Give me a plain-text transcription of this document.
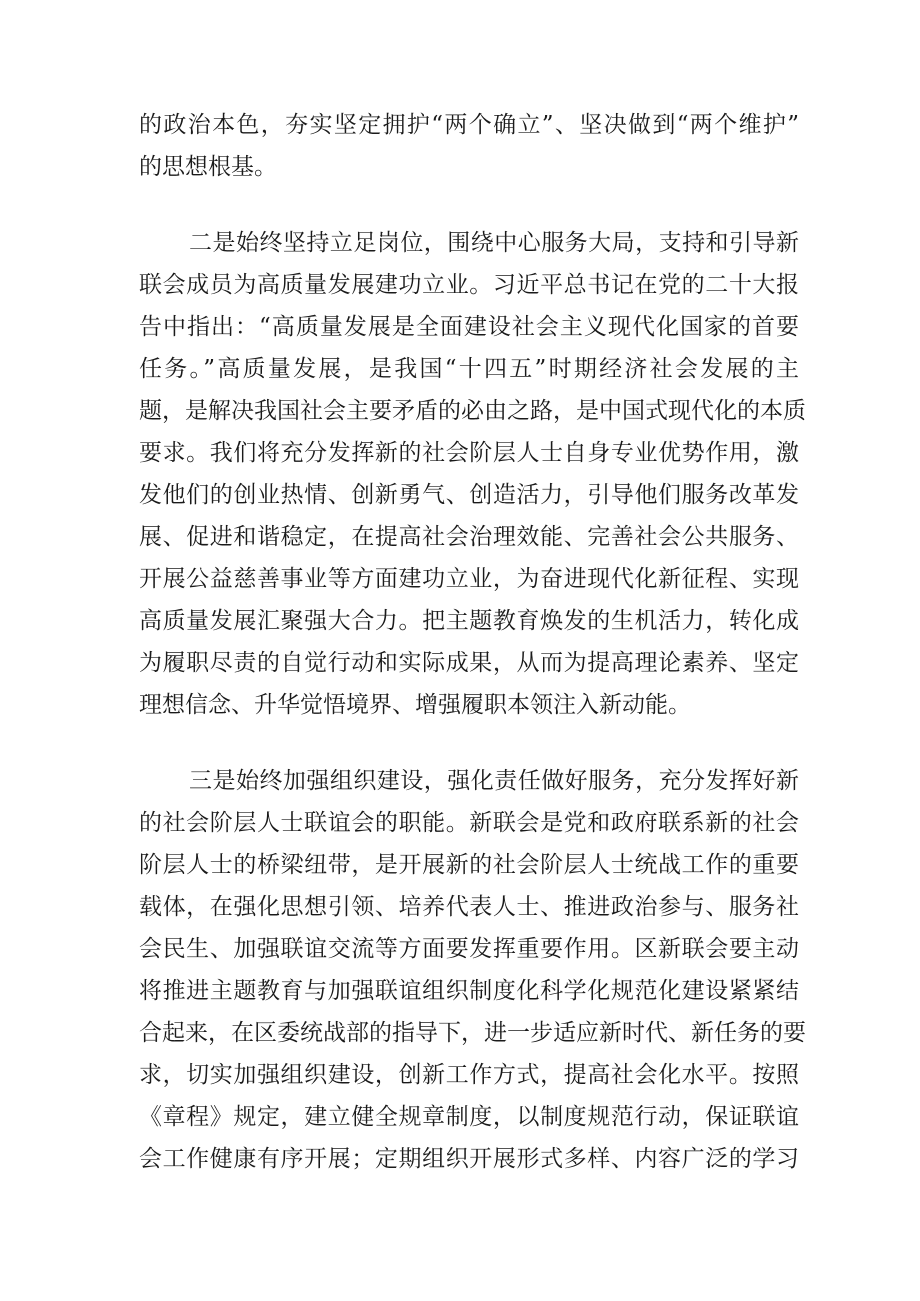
的政治本色，夯实坚定拥护“两个确立”、坚决做到“两个维护”

的思想根基。

二是始终坚持立足岗位，围绕中心服务大局，支持和引导新

联会成员为高质量发展建功立业。习近平总书记在党的二十大报

告中指出：“高质量发展是全面建设社会主义现代化国家的首要

任务。”高质量发展，是我国“十四五”时期经济社会发展的主

题，是解决我国社会主要矛盾的必由之路，是中国式现代化的本质

要求。我们将充分发挥新的社会阶层人士自身专业优势作用，激

发他们的创业热情、创新勇气、创造活力，引导他们服务改革发

展、促进和谐稳定，在提高社会治理效能、完善社会公共服务、

开展公益慈善事业等方面建功立业，为奋进现代化新征程、实现

高质量发展汇聚强大合力。把主题教育焕发的生机活力，转化成

为履职尽责的自觉行动和实际成果，从而为提高理论素养、坚定

理想信念、升华觉悟境界、增强履职本领注入新动能。

三是始终加强组织建设，强化责任做好服务，充分发挥好新

的社会阶层人士联谊会的职能。新联会是党和政府联系新的社会

阶层人士的桥梁纽带，是开展新的社会阶层人士统战工作的重要

载体，在强化思想引领、培养代表人士、推进政治参与、服务社

会民生、加强联谊交流等方面要发挥重要作用。区新联会要主动

将推进主题教育与加强联谊组织制度化科学化规范化建设紧紧结

合起来，在区委统战部的指导下，进一步适应新时代、新任务的要

求，切实加强组织建设，创新工作方式，提高社会化水平。按照

《章程》规定，建立健全规章制度，以制度规范行动，保证联谊

会工作健康有序开展；定期组织开展形式多样、内容广泛的学习
